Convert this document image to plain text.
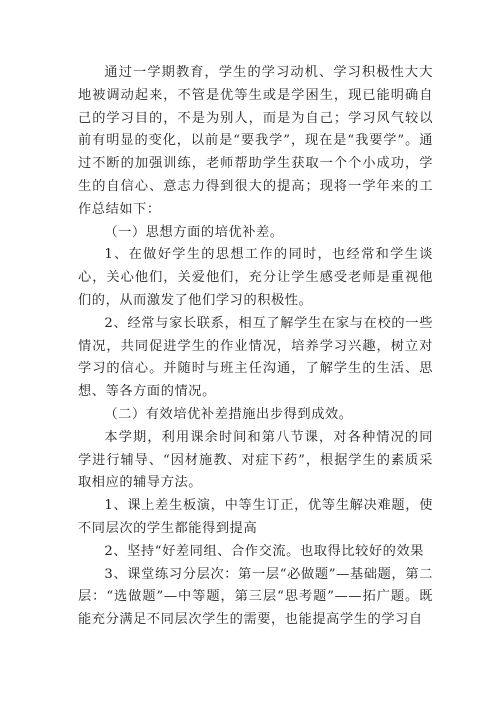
通过一学期教育，学生的学习动机、学习积极性大大地被调动起来，不管是优等生或是学困生，现已能明确自己的学习目的，不是为别人，而是为自己；学习风气较以前有明显的变化，以前是“要我学”，现在是“我要学”。通过不断的加强训练，老师帮助学生获取一个个小成功，学生的自信心、意志力得到很大的提高；现将一学年来的工作总结如下：

（一）思想方面的培优补差。

1、在做好学生的思想工作的同时，也经常和学生谈心，关心他们，关爱他们，充分让学生感受老师是重视他们的，从而激发了他们学习的积极性。

2、经常与家长联系，相互了解学生在家与在校的一些情况，共同促进学生的作业情况，培养学习兴趣，树立对学习的信心。并随时与班主任沟通，了解学生的生活、思想、等各方面的情况。

（二）有效培优补差措施出步得到成效。

本学期，利用课余时间和第八节课，对各种情况的同学进行辅导、“因材施教、对症下药”，根据学生的素质采取相应的辅导方法。

1、课上差生板演，中等生订正，优等生解决难题，使不同层次的学生都能得到提高

2、坚持“好差同组、合作交流。也取得比较好的效果

3、课堂练习分层次：第一层“必做题”—基础题，第二层：“选做题”—中等题，第三层“思考题”——拓广题。既能充分满足不同层次学生的需要，也能提高学生的学习自
